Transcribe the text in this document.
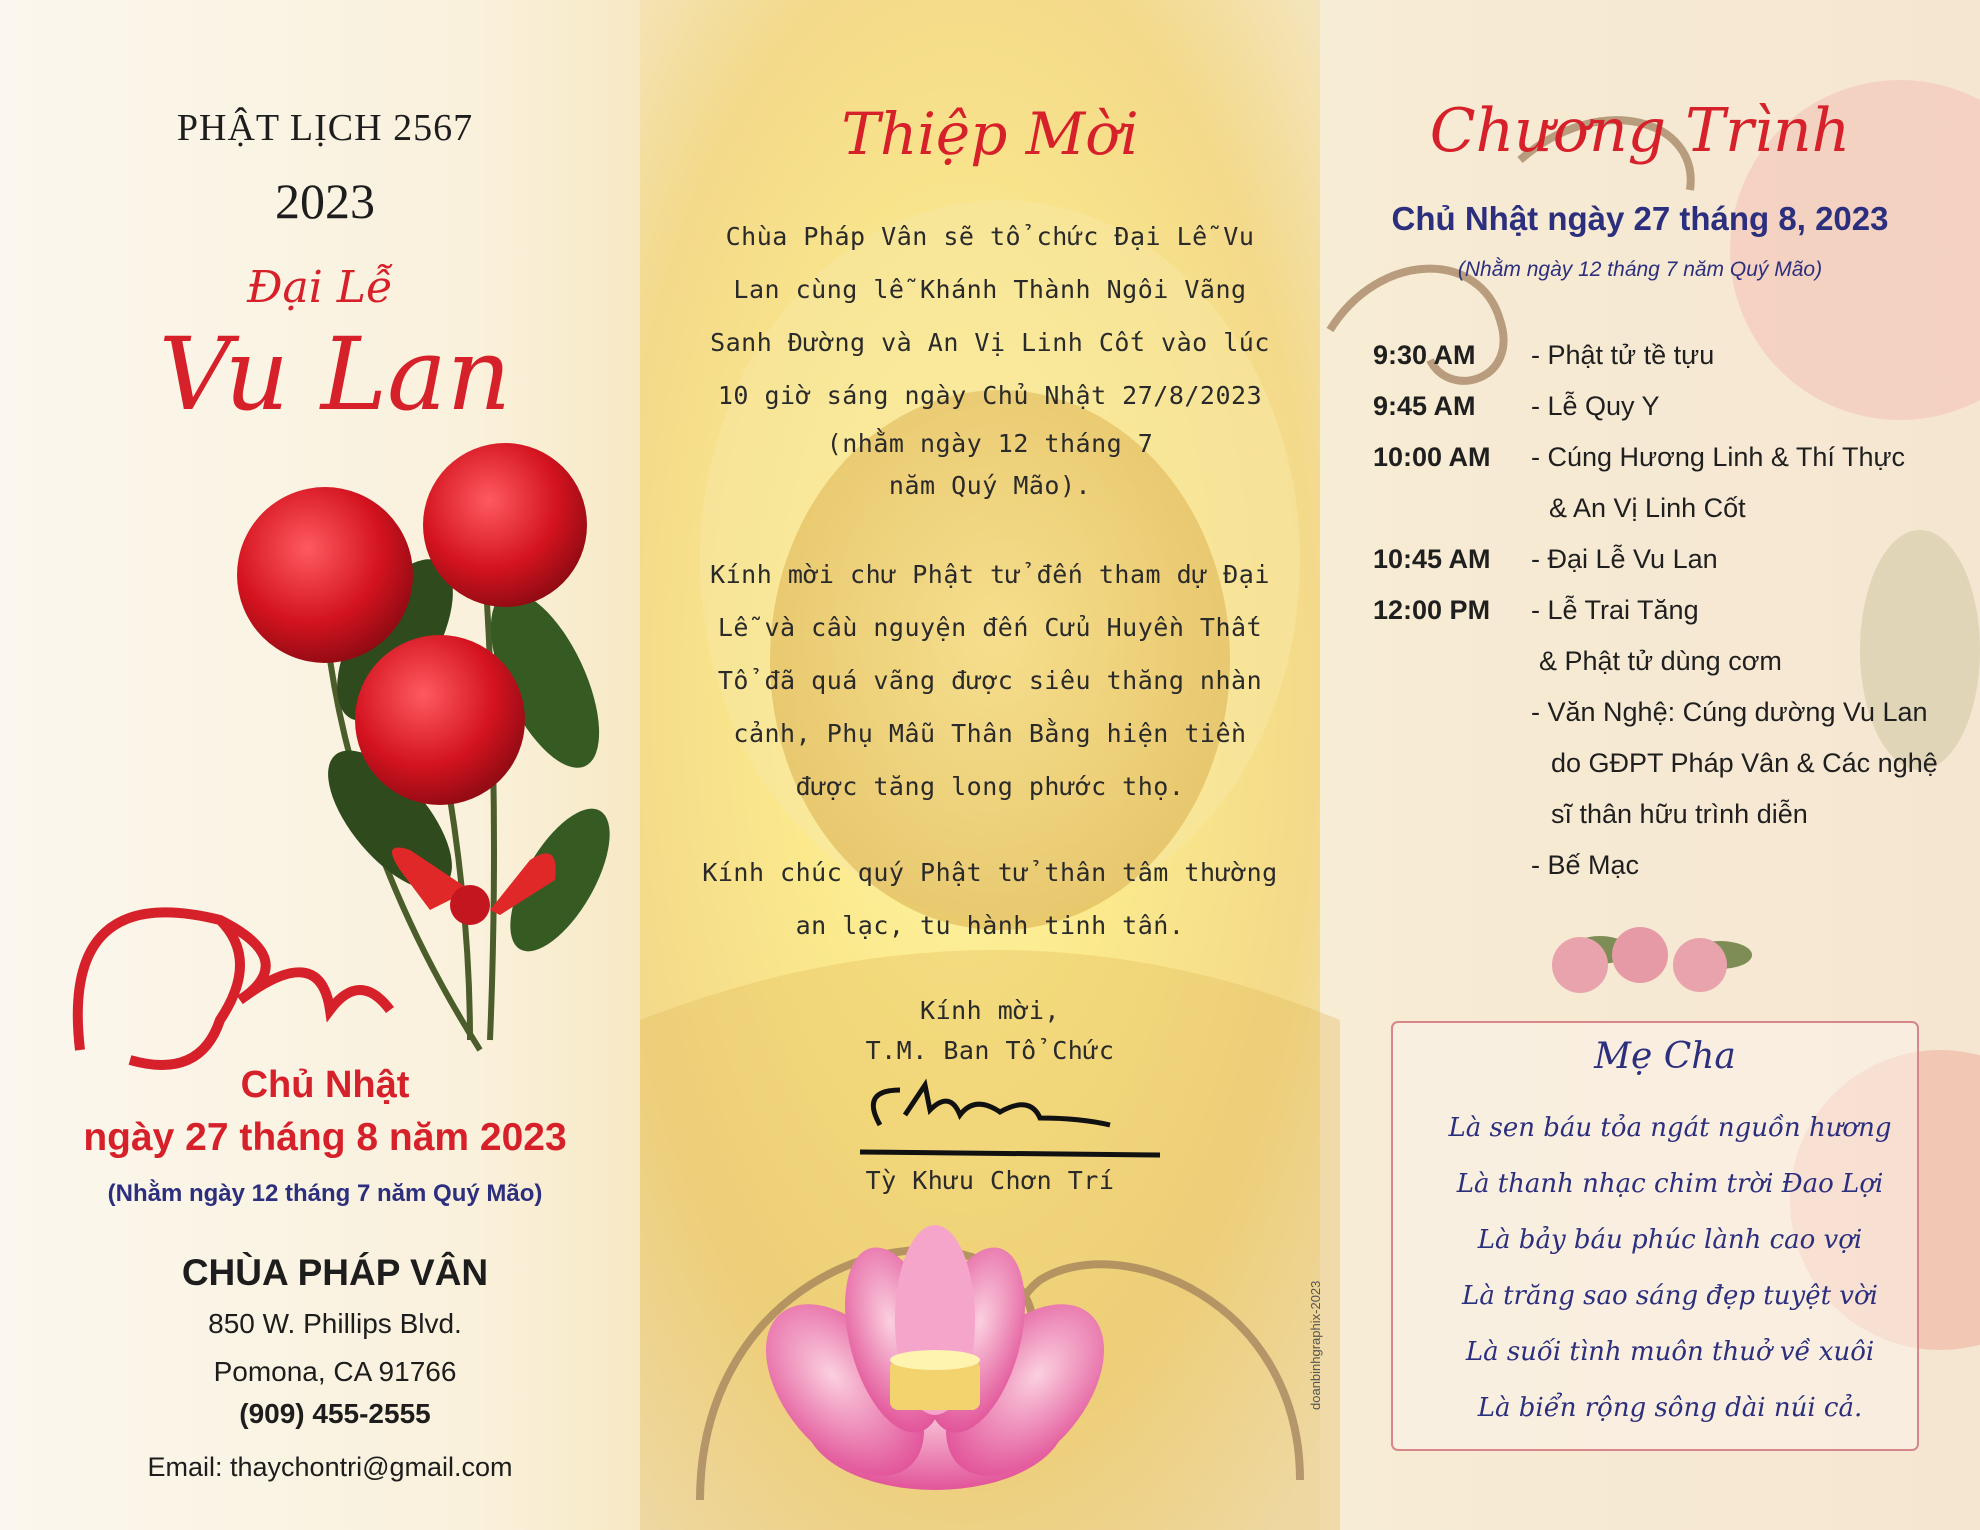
PHẬT LỊCH 2567
2023
Đại Lễ
Vu Lan
Chủ Nhật
ngày 27 tháng 8 năm 2023
(Nhằm ngày 12 tháng 7 năm Quý Mão)
CHÙA PHÁP VÂN
850 W. Phillips Blvd.
Pomona, CA 91766
(909) 455-2555
Email: thaychontri@gmail.com
Thiệp Mời
Chùa Pháp Vân sẽ tổ chức Đại Lễ Vu
Lan cùng lễ Khánh Thành Ngôi Vãng
Sanh Đường và An Vị Linh Cốt vào lúc
10 giờ sáng ngày Chủ Nhật 27/8/2023
(nhằm ngày 12 tháng 7
năm Quý Mão).
Kính mời chư Phật tử đến tham dự Đại
Lễ và cầu nguyện đến Cửu Huyền Thất
Tổ đã quá vãng được siêu thăng nhàn
cảnh, Phụ Mẫu Thân Bằng hiện tiền
được tăng long phước thọ.
Kính chúc quý Phật tử thân tâm thường
an lạc, tu hành tinh tấn.
Kính mời,
T.M. Ban Tổ Chức
Tỳ Khưu Chơn Trí
Chương Trình
Chủ Nhật ngày 27 tháng 8, 2023
(Nhằm ngày 12 tháng 7 năm Quý Mão)
9:30 AM - Phật tử tề tựu
9:45 AM - Lễ Quy Y
10:00 AM - Cúng Hương Linh & Thí Thực
& An Vị Linh Cốt
10:45 AM - Đại Lễ Vu Lan
12:00 PM - Lễ Trai Tăng
& Phật tử dùng cơm
- Văn Nghệ: Cúng dường Vu Lan
do GĐPT Pháp Vân & Các nghệ
sĩ thân hữu trình diễn
- Bế Mạc
Mẹ Cha
Là sen báu tỏa ngát nguồn hương
Là thanh nhạc chim trời Đao Lợi
Là bảy báu phúc lành cao vợi
Là trăng sao sáng đẹp tuyệt vời
Là suối tình muôn thuở về xuôi
Là biển rộng sông dài núi cả.
doanbinhgraphix-2023
